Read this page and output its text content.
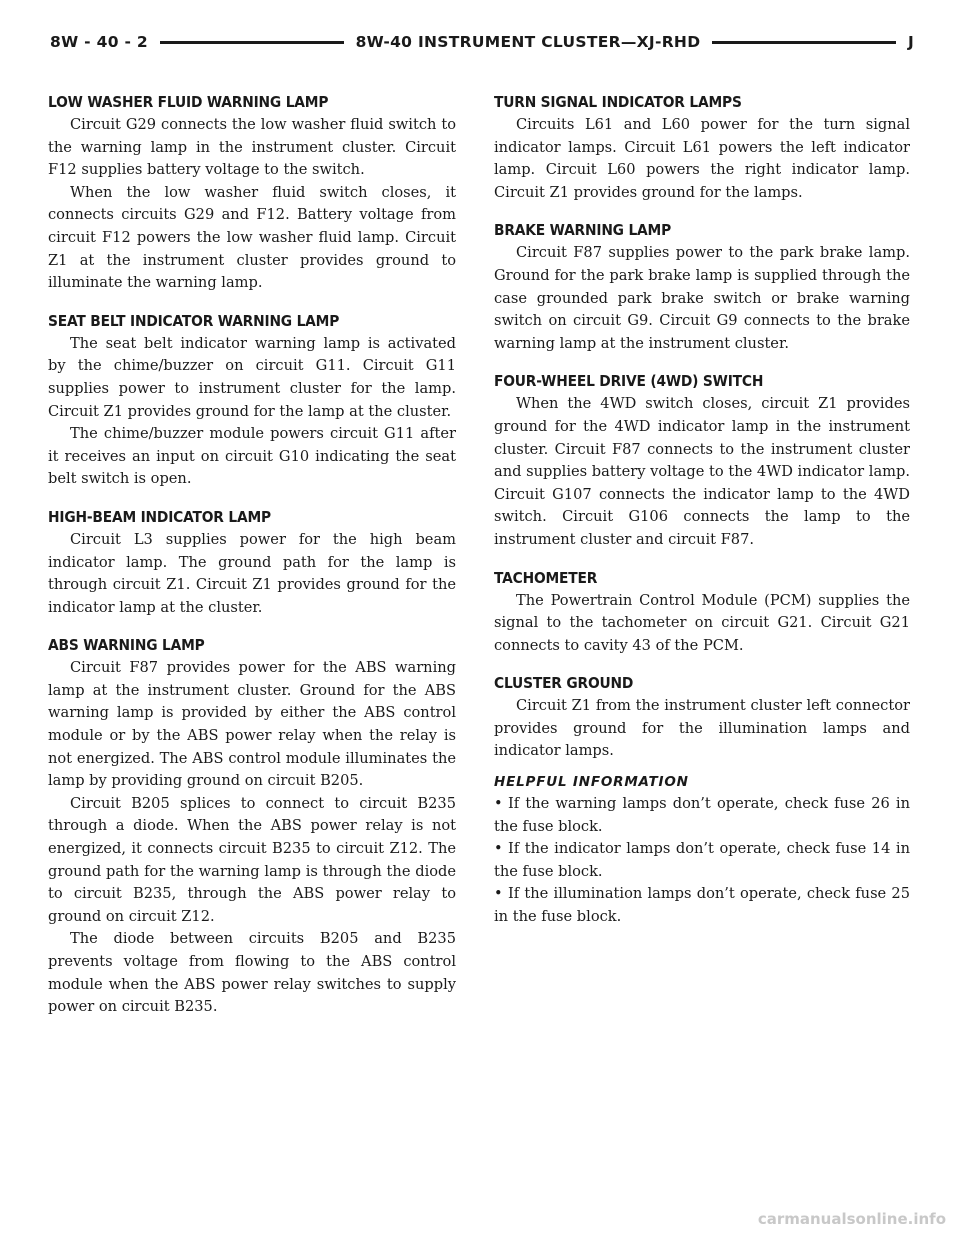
8W - 40 - 2	8W-40 INSTRUMENT CLUSTER—XJ-RHD	J
LOW WASHER FLUID WARNING LAMP

Circuit G29 connects the low washer fluid switch to the warning lamp in the instrument cluster. Circuit F12 supplies battery voltage to the switch.

When the low washer fluid switch closes, it connects circuits G29 and F12. Battery voltage from circuit F12 powers the low washer fluid lamp. Circuit Z1 at the instrument cluster provides ground to illuminate the warning lamp.

SEAT BELT INDICATOR WARNING LAMP

The seat belt indicator warning lamp is activated by the chime/buzzer on circuit G11. Circuit G11 supplies power to instrument cluster for the lamp. Circuit Z1 provides ground for the lamp at the cluster.

The chime/buzzer module powers circuit G11 after it receives an input on circuit G10 indicating the seat belt switch is open.

HIGH-BEAM INDICATOR LAMP

Circuit L3 supplies power for the high beam indicator lamp. The ground path for the lamp is through circuit Z1. Circuit Z1 provides ground for the indicator lamp at the cluster.

ABS WARNING LAMP

Circuit F87 provides power for the ABS warning lamp at the instrument cluster. Ground for the ABS warning lamp is provided by either the ABS control module or by the ABS power relay when the relay is not energized. The ABS control module illuminates the lamp by providing ground on circuit B205.

Circuit B205 splices to connect to circuit B235 through a diode. When the ABS power relay is not energized, it connects circuit B235 to circuit Z12. The ground path for the warning lamp is through the diode to circuit B235, through the ABS power relay to ground on circuit Z12.

The diode between circuits B205 and B235 prevents voltage from flowing to the ABS control module when the ABS power relay switches to supply power on circuit B235.

TURN SIGNAL INDICATOR LAMPS

Circuits L61 and L60 power for the turn signal indicator lamps. Circuit L61 powers the left indicator lamp. Circuit L60 powers the right indicator lamp. Circuit Z1 provides ground for the lamps.

BRAKE WARNING LAMP

Circuit F87 supplies power to the park brake lamp. Ground for the park brake lamp is supplied through the case grounded park brake switch or brake warning switch on circuit G9. Circuit G9 connects to the brake warning lamp at the instrument cluster.

FOUR-WHEEL DRIVE (4WD) SWITCH

When the 4WD switch closes, circuit Z1 provides ground for the 4WD indicator lamp in the instrument cluster. Circuit F87 connects to the instrument cluster and supplies battery voltage to the 4WD indicator lamp. Circuit G107 connects the indicator lamp to the 4WD switch. Circuit G106 connects the lamp to the instrument cluster and circuit F87.

TACHOMETER

The Powertrain Control Module (PCM) supplies the signal to the tachometer on circuit G21. Circuit G21 connects to cavity 43 of the PCM.

CLUSTER GROUND

Circuit Z1 from the instrument cluster left connector provides ground for the illumination lamps and indicator lamps.

HELPFUL INFORMATION
• If the warning lamps don’t operate, check fuse 26 in the fuse block.
• If the indicator lamps don’t operate, check fuse 14 in the fuse block.
• If the illumination lamps don’t operate, check fuse 25 in the fuse block.
carmanualsonline.info
